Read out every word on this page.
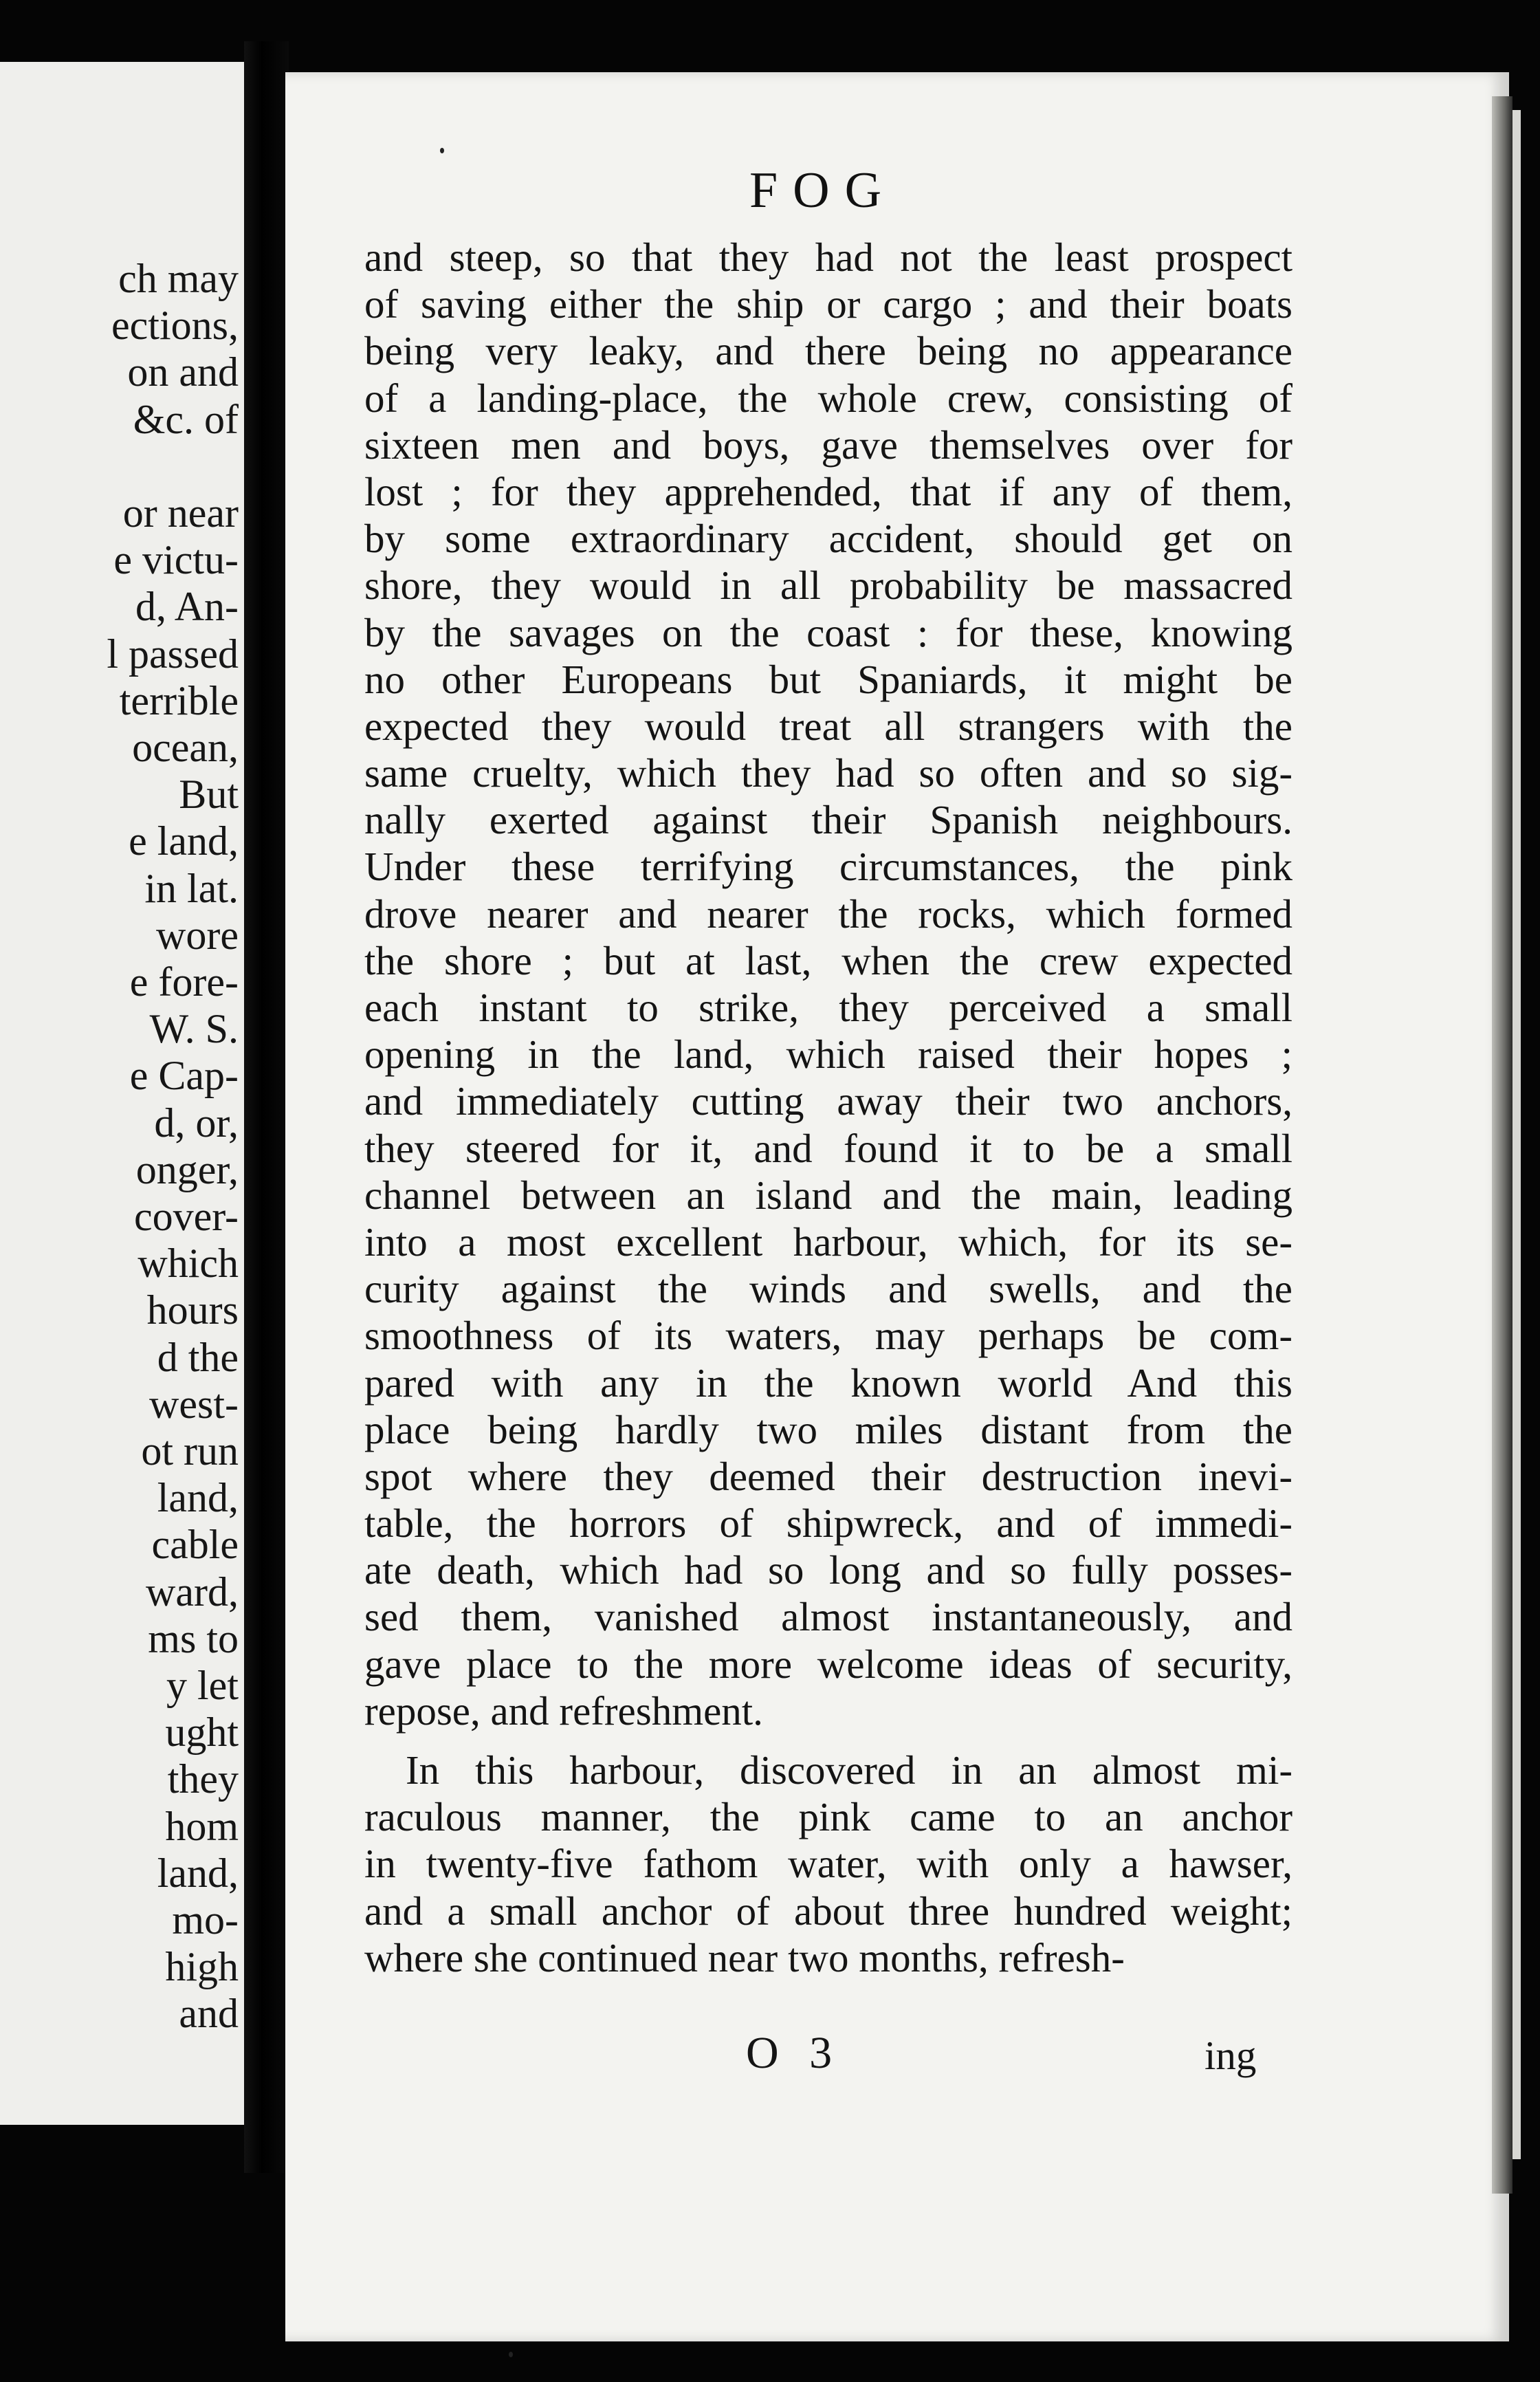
ch may
ections,
on and
&c. of
or near
e victu-
d, An-
l passed
terrible
ocean,
But
e land,
in lat.
wore
e fore-
W. S.
e Cap-
d, or,
onger,
cover-
which
hours
d the
west-
ot run
land,
cable
ward,
ms to
y let
ught
they
hom
land,
mo-
high
and
FOG
and steep, so that they had not the least prospect
of saving either the ship or cargo ; and their boats
being very leaky, and there being no appearance
of a landing-place, the whole crew, consisting of
sixteen men and boys, gave themselves over for
lost ; for they apprehended, that if any of them,
by some extraordinary accident, should get on
shore, they would in all probability be massacred
by the savages on the coast : for these, knowing
no other Europeans but Spaniards, it might be
expected they would treat all strangers with the
same cruelty, which they had so often and so sig-
nally exerted against their Spanish neighbours.
Under these terrifying circumstances, the pink
drove nearer and nearer the rocks, which formed
the shore ; but at last, when the crew expected
each instant to strike, they perceived a small
opening in the land, which raised their hopes ;
and immediately cutting away their two anchors,
they steered for it, and found it to be a small
channel between an island and the main, leading
into a most excellent harbour, which, for its se-
curity against the winds and swells, and the
smoothness of its waters, may perhaps be com-
pared with any in the known world And this
place being hardly two miles distant from the
spot where they deemed their destruction inevi-
table, the horrors of shipwreck, and of immedi-
ate death, which had so long and so fully posses-
sed them, vanished almost instantaneously, and
gave place to the more welcome ideas of security,
repose, and refreshment.
In this harbour, discovered in an almost mi-
raculous manner, the pink came to an anchor
in twenty-five fathom water, with only a hawser,
and a small anchor of about three hundred weight;
where she continued near two months, refresh-
O 3	ing
